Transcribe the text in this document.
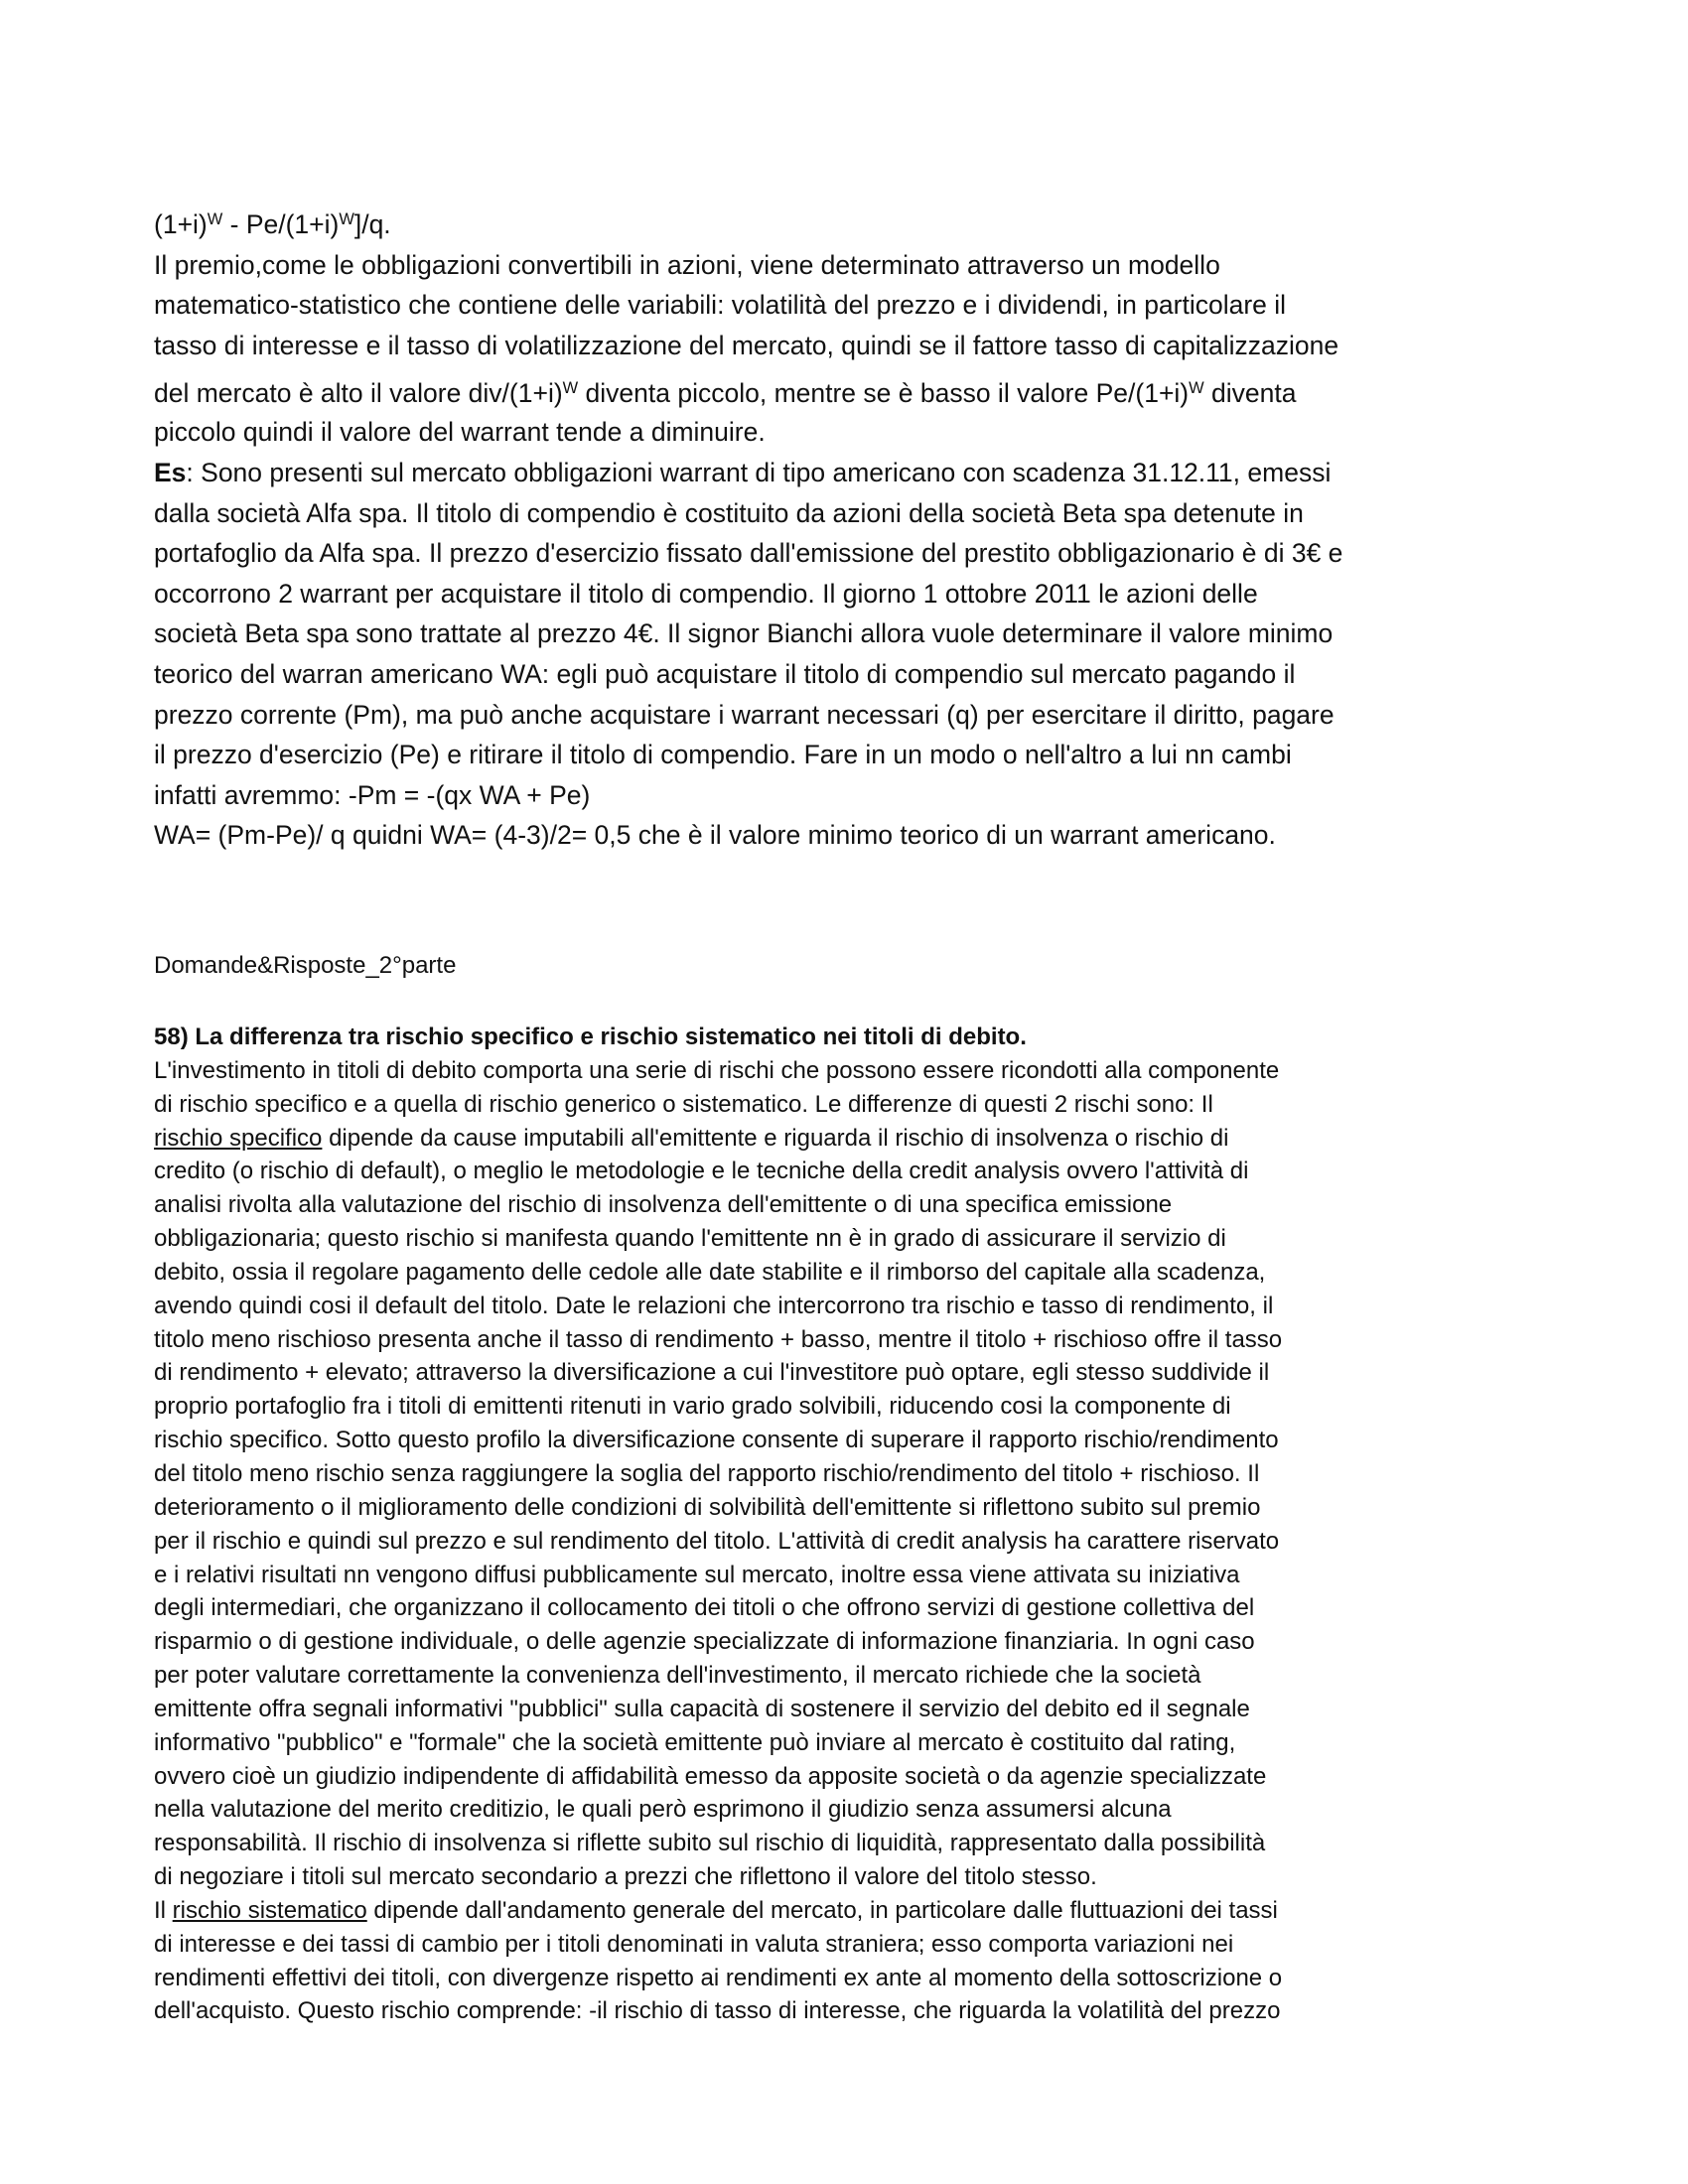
$(1+i)^W - Pe/(1+i)^W]/q$.
Il premio,come le obbligazioni convertibili in azioni, viene determinato attraverso un modello
matematico-statistico che contiene delle variabili: volatilità del prezzo e i dividendi, in particolare il
tasso di interesse e il tasso di volatilizzazione del mercato, quindi se il fattore tasso di capitalizzazione
del mercato è alto il valore div/$(1+i)^W$ diventa piccolo, mentre se è basso il valore $Pe/(1+i)^W$ diventa
piccolo quindi il valore del warrant tende a diminuire.
Es: Sono presenti sul mercato obbligazioni warrant di tipo americano con scadenza 31.12.11, emessi
dalla società Alfa spa. Il titolo di compendio è costituito da azioni della società Beta spa detenute in
portafoglio da Alfa spa. Il prezzo d'esercizio fissato dall'emissione del prestito obbligazionario è di 3€ e
occorrono 2 warrant per acquistare il titolo di compendio. Il giorno 1 ottobre 2011 le azioni delle
società Beta spa sono trattate al prezzo 4€. Il signor Bianchi allora vuole determinare il valore minimo
teorico del warran americano WA: egli può acquistare il titolo di compendio sul mercato pagando il
prezzo corrente (Pm), ma può anche acquistare i warrant necessari (q) per esercitare il diritto, pagare
il prezzo d'esercizio (Pe) e ritirare il titolo di compendio. Fare in un modo o nell'altro a lui nn cambi
infatti avremmo: -Pm = -(qx WA + Pe)
WA= (Pm-Pe)/ q quidni WA= (4-3)/2= 0,5 che è il valore minimo teorico di un warrant americano.
Domande&Risposte_2°parte
58) La differenza tra rischio specifico e rischio sistematico nei titoli di debito.
L'investimento in titoli di debito comporta una serie di rischi che possono essere ricondotti alla componente
di rischio specifico e a quella di rischio generico o sistematico. Le differenze di questi 2 rischi sono: Il
rischio specifico dipende da cause imputabili all'emittente e riguarda il rischio di insolvenza o rischio di
credito (o rischio di default), o meglio le metodologie e le tecniche della credit analysis ovvero l'attività di
analisi rivolta alla valutazione del rischio di insolvenza dell'emittente o di una specifica emissione
obbligazionaria; questo rischio si manifesta quando l'emittente nn è in grado di assicurare il servizio di
debito, ossia il regolare pagamento delle cedole alle date stabilite e il rimborso del capitale alla scadenza,
avendo quindi cosi il default del titolo. Date le relazioni che intercorrono tra rischio e tasso di rendimento, il
titolo meno rischioso presenta anche il tasso di rendimento + basso, mentre il titolo + rischioso offre il tasso
di rendimento + elevato; attraverso la diversificazione a cui l'investitore può optare, egli stesso suddivide il
proprio portafoglio fra i titoli di emittenti ritenuti in vario grado solvibili, riducendo cosi la componente di
rischio specifico. Sotto questo profilo la diversificazione consente di superare il rapporto rischio/rendimento
del titolo meno rischio senza raggiungere la soglia del rapporto rischio/rendimento del titolo + rischioso. Il
deterioramento o il miglioramento delle condizioni di solvibilità dell'emittente si riflettono subito sul premio
per il rischio e quindi sul prezzo e sul rendimento del titolo. L'attività di credit analysis ha carattere riservato
e i relativi risultati nn vengono diffusi pubblicamente sul mercato, inoltre essa viene attivata su iniziativa
degli intermediari, che organizzano il collocamento dei titoli o che offrono servizi di gestione collettiva del
risparmio o di gestione individuale, o delle agenzie specializzate di informazione finanziaria. In ogni caso
per poter valutare correttamente la convenienza dell'investimento, il mercato richiede che la società
emittente offra segnali informativi "pubblici" sulla capacità di sostenere il servizio del debito ed il segnale
informativo "pubblico" e "formale" che la società emittente può inviare al mercato è costituito dal rating,
ovvero cioè un giudizio indipendente di affidabilità emesso da apposite società o da agenzie specializzate
nella valutazione del merito creditizio, le quali però esprimono il giudizio senza assumersi alcuna
responsabilità. Il rischio di insolvenza si riflette subito sul rischio di liquidità, rappresentato dalla possibilità
di negoziare i titoli sul mercato secondario a prezzi che riflettono il valore del titolo stesso.
Il rischio sistematico dipende dall'andamento generale del mercato, in particolare dalle fluttuazioni dei tassi
di interesse e dei tassi di cambio per i titoli denominati in valuta straniera; esso comporta variazioni nei
rendimenti effettivi dei titoli, con divergenze rispetto ai rendimenti ex ante al momento della sottoscrizione o
dell'acquisto. Questo rischio comprende: -il rischio di tasso di interesse, che riguarda la volatilità del prezzo
